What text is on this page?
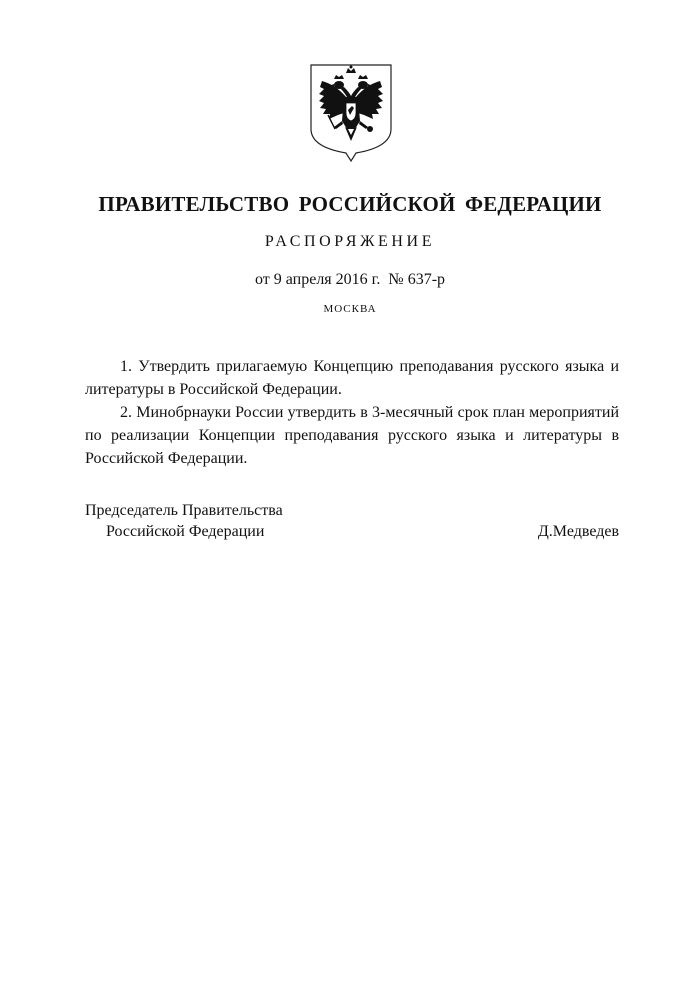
ПРАВИТЕЛЬСТВО РОССИЙСКОЙ ФЕДЕРАЦИИ
РАСПОРЯЖЕНИЕ
от 9 апреля 2016 г. № 637-р
МОСКВА

1. Утвердить прилагаемую Концепцию преподавания русского языка и литературы в Российской Федерации.

2. Минобрнауки России утвердить в 3-месячный срок план мероприятий по реализации Концепции преподавания русского языка и литературы в Российской Федерации.

Председатель Правительства
Российской Федерации	Д.Медведев
